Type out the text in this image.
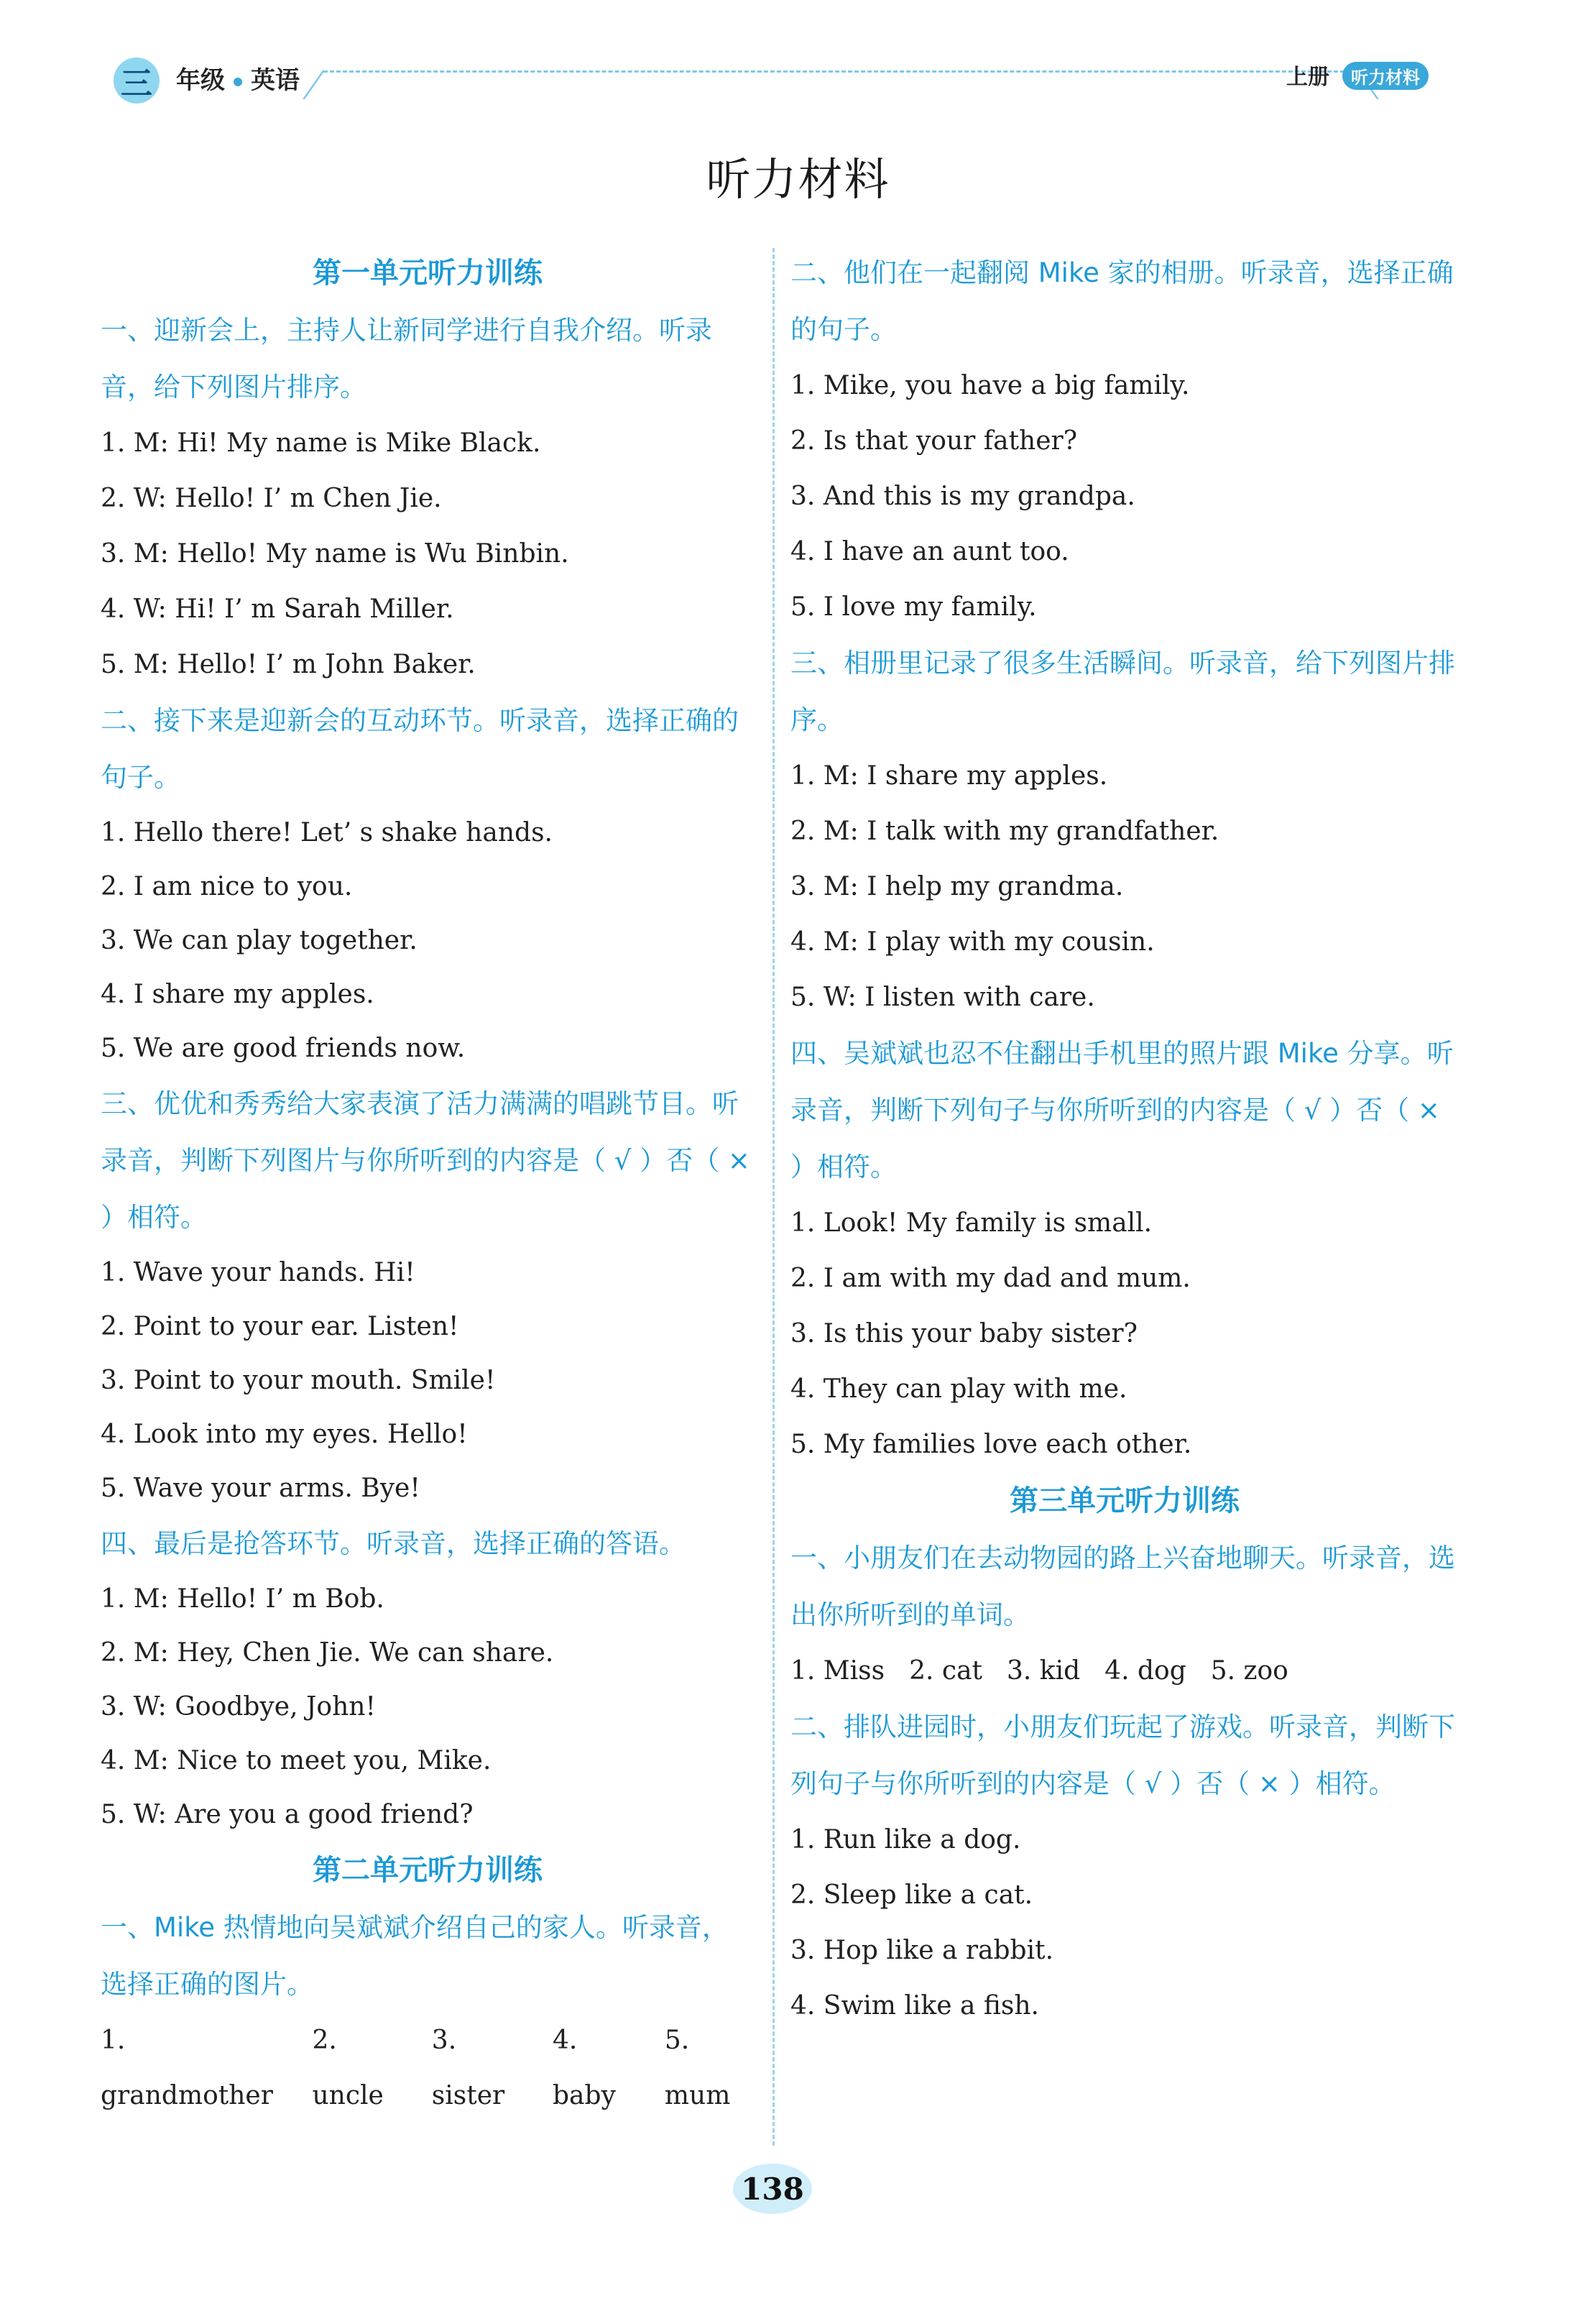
三 年级 英语	上册	听力材料
听力材料
第一单元听力训练

一、迎新会上，主持人让新同学进行自我介绍。听录音，给下列图片排序。

1. M: Hi! My name is Mike Black.

2. W: Hello! I’ m Chen Jie.

3. M: Hello! My name is Wu Binbin.

4. W: Hi! I’ m Sarah Miller.

5. M: Hello! I’ m John Baker.

二、接下来是迎新会的互动环节。听录音，选择正确的句子。

1. Hello there! Let’ s shake hands.

2. I am nice to you.

3. We can play together.

4. I share my apples.

5. We are good friends now.

三、优优和秀秀给大家表演了活力满满的唱跳节目。听录音，判断下列图片与你所听到的内容是（ √ ）否（ × ）相符。

1. Wave your hands. Hi!

2. Point to your ear. Listen!

3. Point to your mouth. Smile!

4. Look into my eyes. Hello!

5. Wave your arms. Bye!

四、最后是抢答环节。听录音，选择正确的答语。

1. M: Hello! I’ m Bob.

2. M: Hey, Chen Jie. We can share.

3. W: Goodbye, John!

4. M: Nice to meet you, Mike.

5. W: Are you a good friend?

第二单元听力训练

一、Mike 热情地向吴斌斌介绍自己的家人。听录音，选择正确的图片。

1. grandmother
2. uncle
3. sister
4. baby
5. mum

二、他们在一起翻阅 Mike 家的相册。听录音，选择正确的句子。

1. Mike, you have a big family.

2. Is that your father?

3. And this is my grandpa.

4. I have an aunt too.

5. I love my family.

三、相册里记录了很多生活瞬间。听录音，给下列图片排序。

1. M: I share my apples.

2. M: I talk with my grandfather.

3. M: I help my grandma.

4. M: I play with my cousin.

5. W: I listen with care.

四、吴斌斌也忍不住翻出手机里的照片跟 Mike 分享。听录音，判断下列句子与你所听到的内容是（ √ ）否（ × ）相符。

1. Look! My family is small.

2. I am with my dad and mum.

3. Is this your baby sister?

4. They can play with me.

5. My families love each other.

第三单元听力训练

一、小朋友们在去动物园的路上兴奋地聊天。听录音，选出你所听到的单词。

1. Miss 2. cat 3. kid 4. dog 5. zoo

二、排队进园时，小朋友们玩起了游戏。听录音，判断下列句子与你所听到的内容是（ √ ）否（ × ）相符。

1. Run like a dog.

2. Sleep like a cat.

3. Hop like a rabbit.

4. Swim like a fish.

138
